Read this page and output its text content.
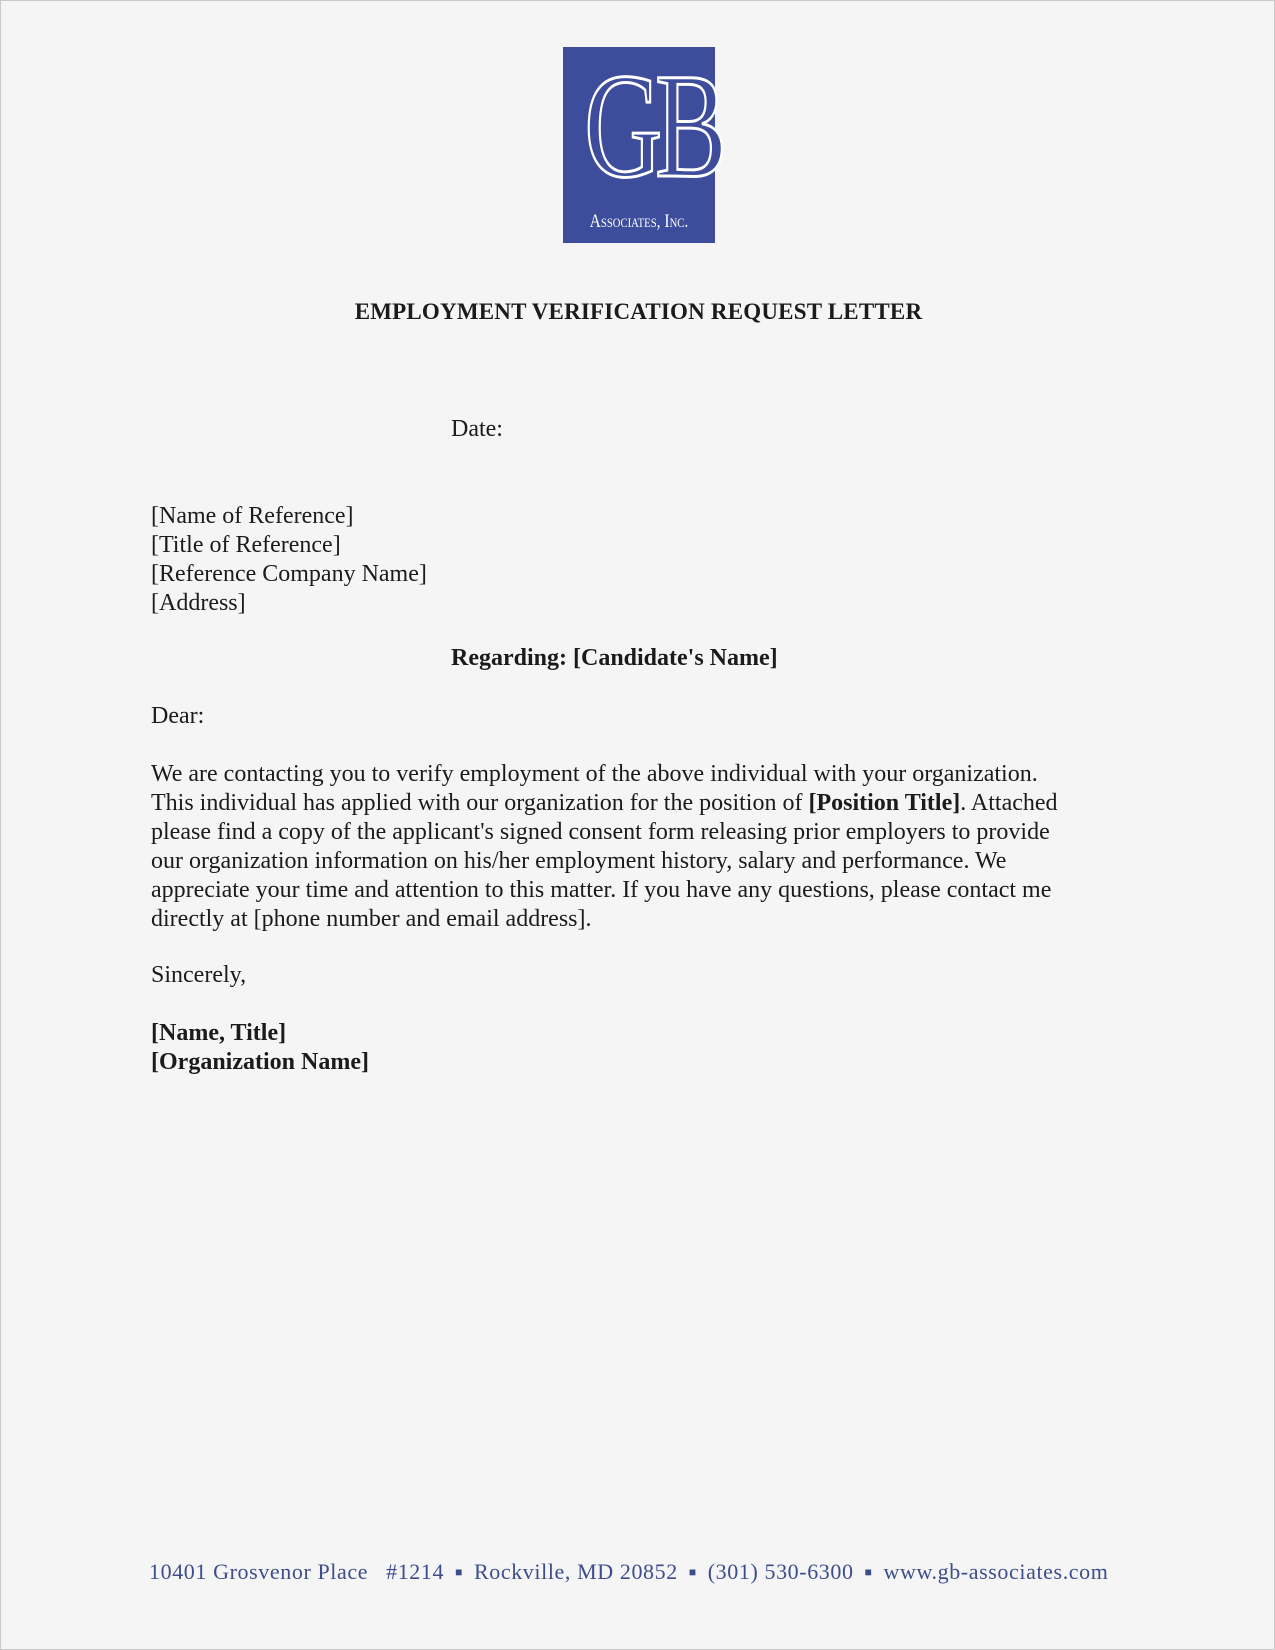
GB
Associates, Inc.
EMPLOYMENT VERIFICATION REQUEST LETTER
Date:
[Name of Reference]
[Title of Reference]
[Reference Company Name]
[Address]
Regarding: [Candidate's Name]
Dear:
We are contacting you to verify employment of the above individual with your organization.
This individual has applied with our organization for the position of [Position Title]. Attached
please find a copy of the applicant's signed consent form releasing prior employers to provide
our organization information on his/her employment history, salary and performance. We
appreciate your time and attention to this matter. If you have any questions, please contact me
directly at [phone number and email address].
Sincerely,
[Name, Title]
[Organization Name]
10401 Grosvenor Place #1214 ■ Rockville, MD 20852 ■ (301) 530-6300 ■ www.gb-associates.com
